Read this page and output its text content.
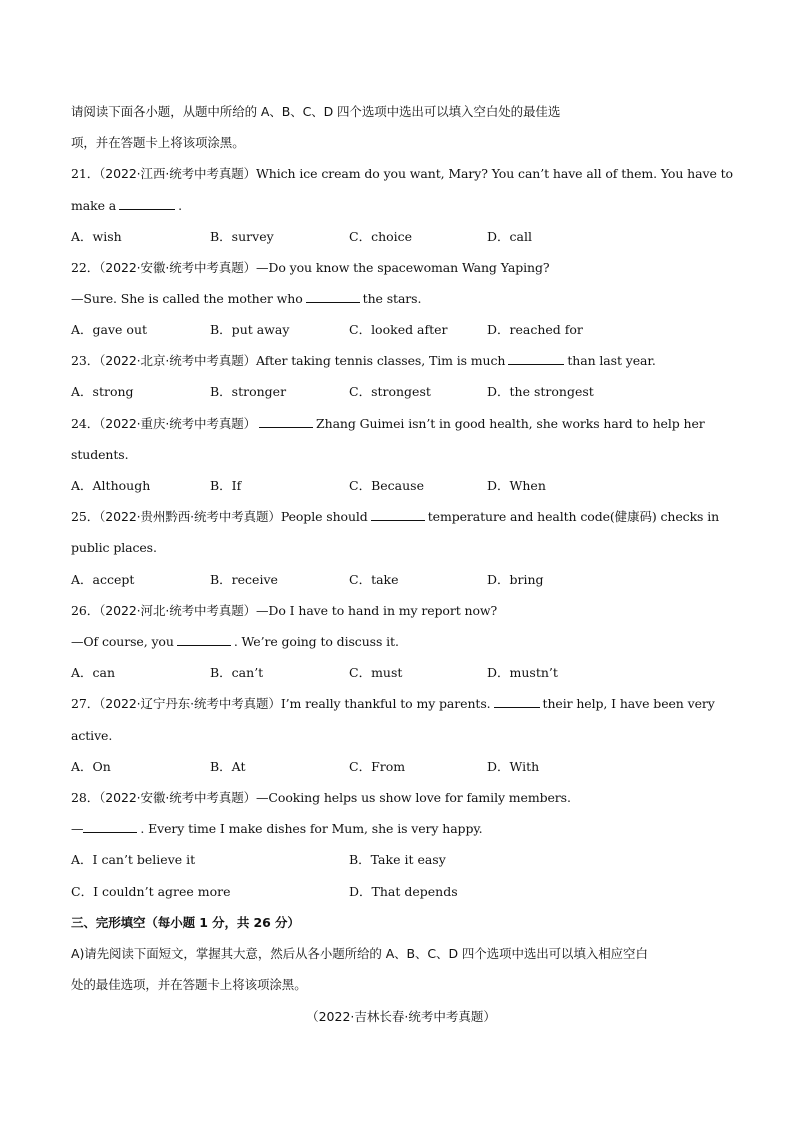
请阅读下面各小题，从题中所给的 A、B、C、D 四个选项中选出可以填入空白处的最佳选
项，并在答题卡上将该项涂黑。
21．（2022·江西·统考中考真题）Which ice cream do you want, Mary? You can’t have all of them. You have to
make a	.
A．wish	B．survey	C．choice	D．call
22．（2022·安徽·统考中考真题）—Do you know the spacewoman Wang Yaping?
—Sure. She is called the mother who	the stars.
A．gave out	B．put away	C．looked after	D．reached for
23．（2022·北京·统考中考真题）After taking tennis classes, Tim is much	than last year.
A．strong	B．stronger	C．strongest	D．the strongest
24．（2022·重庆·统考中考真题）	Zhang Guimei isn’t in good health, she works hard to help her
students.
A．Although	B．If	C．Because	D．When
25．（2022·贵州黔西·统考中考真题）People should	temperature and health code(健康码) checks in
public places.
A．accept	B．receive	C．take	D．bring
26．（2022·河北·统考中考真题）—Do I have to hand in my report now?
—Of course, you	. We’re going to discuss it.
A．can	B．can’t	C．must	D．mustn’t
27．（2022·辽宁丹东·统考中考真题）I’m really thankful to my parents.	their help, I have been very
active.
A．On	B．At	C．From	D．With
28．（2022·安徽·统考中考真题）—Cooking helps us show love for family members.
—	. Every time I make dishes for Mum, she is very happy.
A．I can’t believe it	B．Take it easy
C．I couldn’t agree more	D．That depends
三、完形填空（每小题 1 分，共 26 分）
A)请先阅读下面短文，掌握其大意，然后从各小题所给的 A、B、C、D 四个选项中选出可以填入相应空白
处的最佳选项，并在答题卡上将该项涂黑。
（2022·吉林长春·统考中考真题）
